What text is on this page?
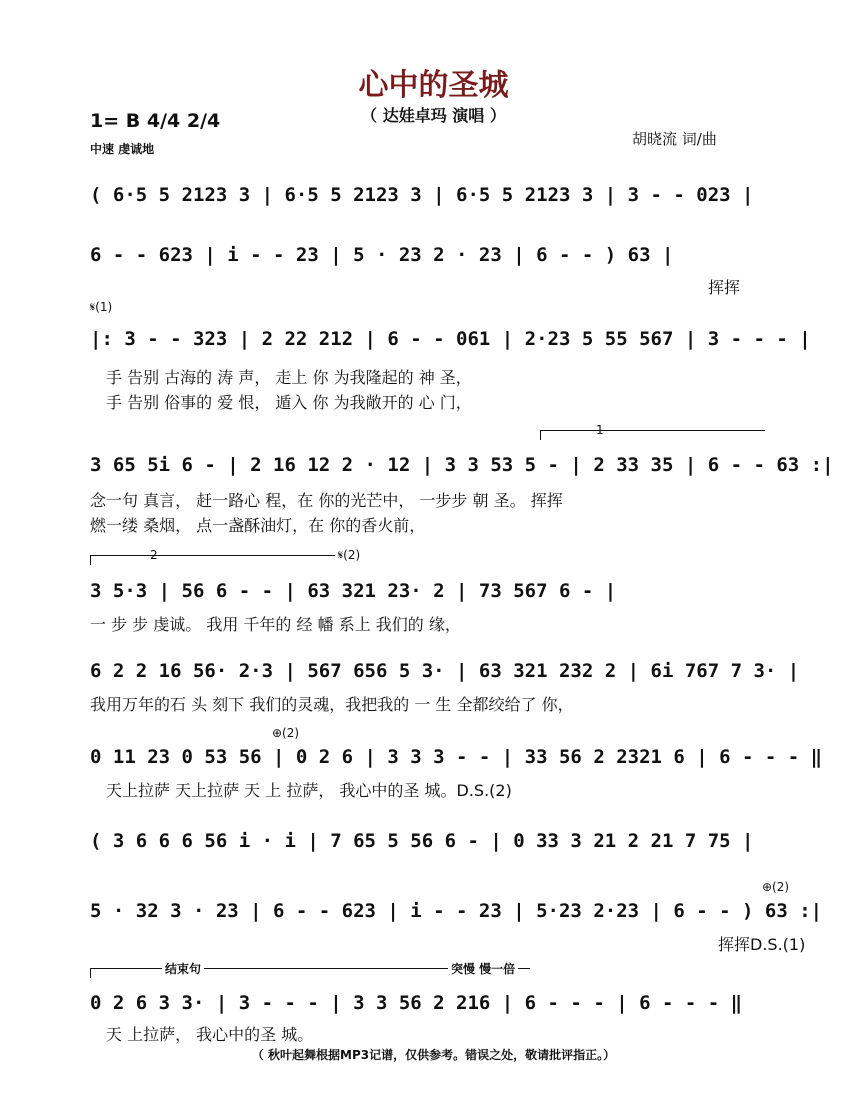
心中的圣城
（ 达娃卓玛 演唱 ）
1= B 4/4 2/4
中速 虔诚地
胡晓流 词/曲
( 6·5 5 2123 3 | 6·5 5 2123 3 | 6·5 5 2123 3 | 3 - - 023 |
6 - - 623 | i - - 23 | 5 · 23 2 · 23 | 6 - - ) 63 |
挥挥
𝄋(1)
|: 3 - - 323 | 2 22 212 | 6 - - 061 | 2·23 5 55 567 | 3 - - - |
手 告别 古海的 涛 声， 走上 你 为我隆起的 神 圣，
手 告别 俗事的 爱 恨， 遁入 你 为我敞开的 心 门，
1
3 65 5i 6 - | 2 16 12 2 · 12 | 3 3 53 5 - | 2 33 35 | 6 - - 63 :|
念一句 真言， 赶一路心 程，在 你的光芒中， 一步步 朝 圣。 挥挥
燃一缕 桑烟， 点一盏酥油灯，在 你的香火前，
2	𝄋(2)
3 5·3 | 56 6 - - | 63 321 23· 2 | 73 567 6 - |
一 步 步 虔诚。 我用 千年的 经 幡 系上 我们的 缘，
6 2 2 16 56· 2·3 | 567 656 5 3· | 63 321 232 2 | 6i 767 7 3· |
我用万年的石 头 刻下 我们的灵魂，我把我的 一 生 全都绞给了 你，
⊕(2)
0 11 23 0 53 56 | 0 2 6 | 3 3 3 - - | 33 56 2 2321 6 | 6 - - - ‖
天上拉萨 天上拉萨 天 上 拉萨， 我心中的圣 城。D.S.(2)
( 3 6 6 6 56 i · i | 7 65 5 56 6 - | 0 33 3 21 2 21 7 75 |
⊕(2)
5 · 32 3 · 23 | 6 - - 623 | i - - 23 | 5·23 2·23 | 6 - - ) 63 :|
挥挥D.S.(1)
结束句	突慢 慢一倍
0 2 6 3 3· | 3 - - - | 3 3 56 2 216 | 6 - - - | 6 - - - ‖
天 上拉萨， 我心中的圣 城。
（ 秋叶起舞根据MP3记谱，仅供参考。错误之处，敬请批评指正。）
